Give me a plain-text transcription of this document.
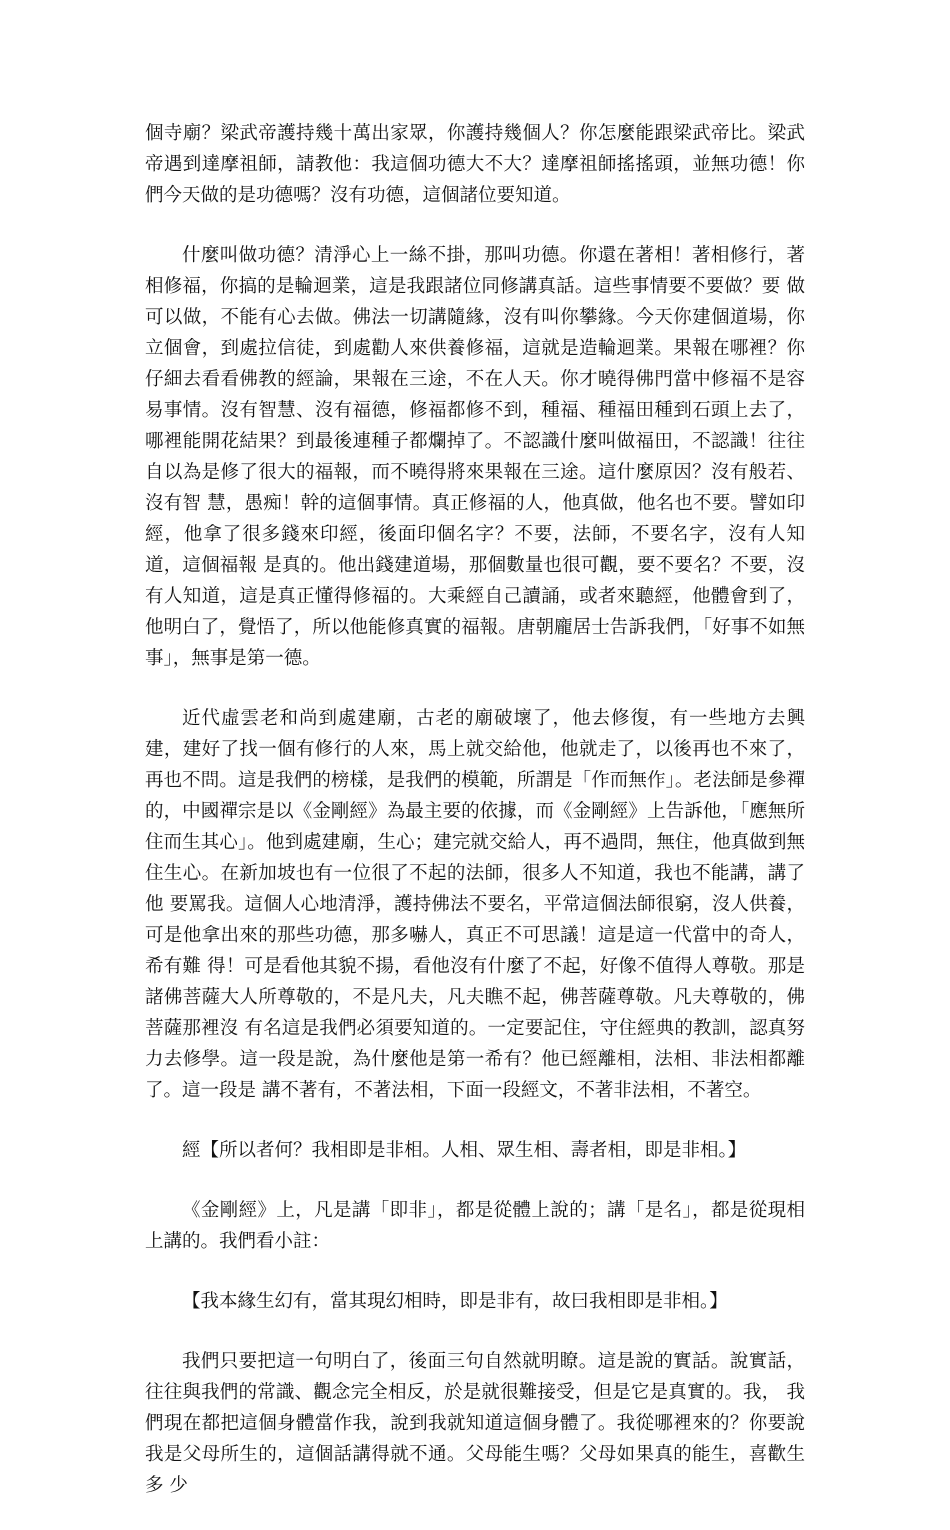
個寺廟？梁武帝護持幾十萬出家眾，你護持幾個人？你怎麼能跟梁武帝比。梁武帝遇到達摩祖師，請教他：我這個功德大不大？達摩祖師搖搖頭，並無功德！你們今天做的是功德嗎？沒有功德，這個諸位要知道。

什麼叫做功德？清淨心上一絲不掛，那叫功德。你還在著相！著相修行，著相修福，你搞的是輪迴業，這是我跟諸位同修講真話。這些事情要不要做？要 做可以做，不能有心去做。佛法一切講隨緣，沒有叫你攀緣。今天你建個道場，你立個會，到處拉信徒，到處勸人來供養修福，這就是造輪迴業。果報在哪裡？你 仔細去看看佛教的經論，果報在三途，不在人天。你才曉得佛門當中修福不是容易事情。沒有智慧、沒有福德，修福都修不到，種福、種福田種到石頭上去了，哪裡能開花結果？到最後連種子都爛掉了。不認識什麼叫做福田，不認識！往往自以為是修了很大的福報，而不曉得將來果報在三途。這什麼原因？沒有般若、沒有智 慧，愚痴！幹的這個事情。真正修福的人，他真做，他名也不要。譬如印經，他拿了很多錢來印經，後面印個名字？不要，法師，不要名字，沒有人知道，這個福報 是真的。他出錢建道場，那個數量也很可觀，要不要名？不要，沒有人知道，這是真正懂得修福的。大乘經自己讀誦，或者來聽經，他體會到了，他明白了，覺悟了，所以他能修真實的福報。唐朝龐居士告訴我們，「好事不如無事」，無事是第一德。

近代虛雲老和尚到處建廟，古老的廟破壞了，他去修復，有一些地方去興建，建好了找一個有修行的人來，馬上就交給他，他就走了，以後再也不來了， 再也不問。這是我們的榜樣，是我們的模範，所謂是「作而無作」。老法師是參禪的，中國禪宗是以《金剛經》為最主要的依據，而《金剛經》上告訴他，「應無所 住而生其心」。他到處建廟，生心；建完就交給人，再不過問，無住，他真做到無住生心。在新加坡也有一位很了不起的法師，很多人不知道，我也不能講，講了他 要罵我。這個人心地清淨，護持佛法不要名，平常這個法師很窮，沒人供養，可是他拿出來的那些功德，那多嚇人，真正不可思議！這是這一代當中的奇人，希有難 得！可是看他其貌不揚，看他沒有什麼了不起，好像不值得人尊敬。那是諸佛菩薩大人所尊敬的，不是凡夫，凡夫瞧不起，佛菩薩尊敬。凡夫尊敬的，佛菩薩那裡沒 有名這是我們必須要知道的。一定要記住，守住經典的教訓，認真努力去修學。這一段是說，為什麼他是第一希有？他已經離相，法相、非法相都離了。這一段是 講不著有，不著法相，下面一段經文，不著非法相，不著空。

經【所以者何？我相即是非相。人相、眾生相、壽者相，即是非相。】

《金剛經》上，凡是講「即非」，都是從體上說的；講「是名」，都是從現相上講的。我們看小註：

【我本緣生幻有，當其現幻相時，即是非有，故曰我相即是非相。】

我們只要把這一句明白了，後面三句自然就明瞭。這是說的實話。說實話，往往與我們的常識、觀念完全相反，於是就很難接受，但是它是真實的。我， 我們現在都把這個身體當作我，說到我就知道這個身體了。我從哪裡來的？你要說我是父母所生的，這個話講得就不通。父母能生嗎？父母如果真的能生，喜歡生多 少
